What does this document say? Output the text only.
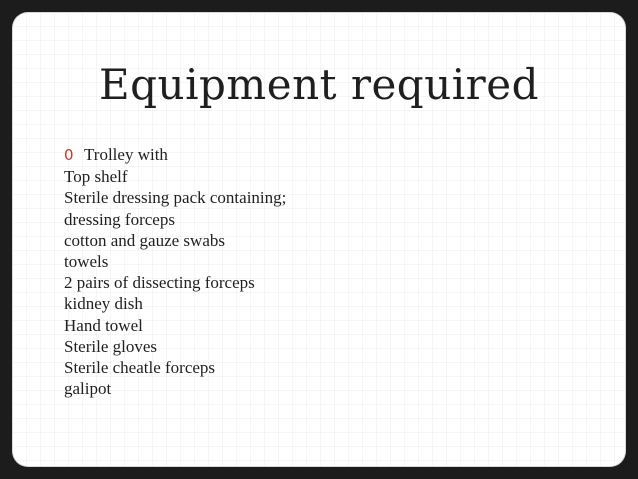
Equipment required
0 Trolley with
Top shelf
Sterile dressing pack containing;
dressing forceps
cotton and gauze swabs
towels
2 pairs of dissecting forceps
kidney dish
Hand towel
Sterile gloves
Sterile cheatle forceps
galipot
